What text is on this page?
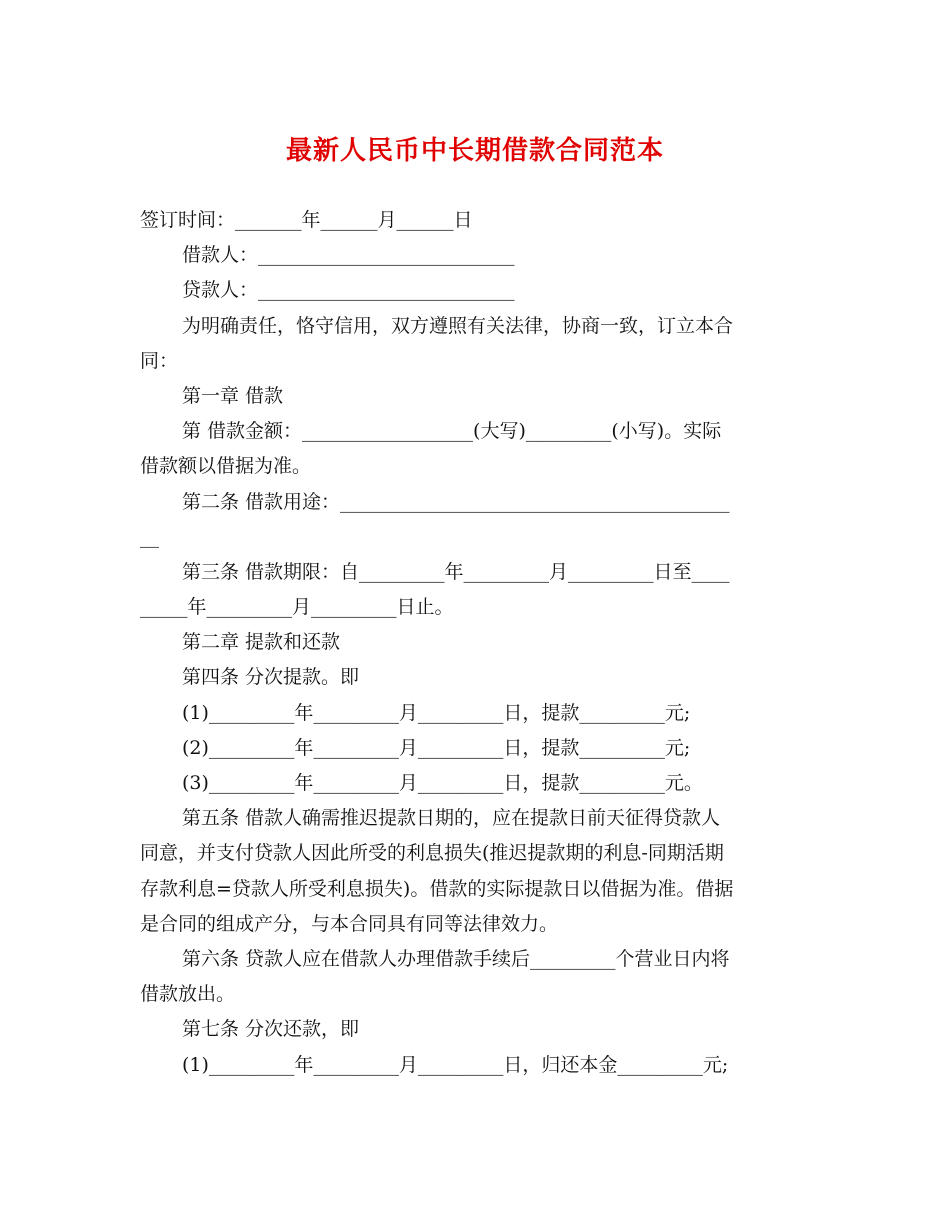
最新人民币中长期借款合同范本
签订时间：_______年______月______日
借款人：___________________________
贷款人：___________________________
为明确责任，恪守信用，双方遵照有关法律，协商一致，订立本合
同：
第一章 借款
第 借款金额：__________________(大写)_________(小写)。实际
借款额以借据为准。
第二条 借款用途：_________________________________________
__
第三条 借款期限：自_________年_________月_________日至____
_____年_________月_________日止。
第二章 提款和还款
第四条 分次提款。即
(1)_________年_________月_________日，提款_________元;
(2)_________年_________月_________日，提款_________元;
(3)_________年_________月_________日，提款_________元。
第五条 借款人确需推迟提款日期的，应在提款日前天征得贷款人
同意，并支付贷款人因此所受的利息损失(推迟提款期的利息-同期活期
存款利息=贷款人所受利息损失)。借款的实际提款日以借据为准。借据
是合同的组成产分，与本合同具有同等法律效力。
第六条 贷款人应在借款人办理借款手续后_________个营业日内将
借款放出。
第七条 分次还款，即
(1)_________年_________月_________日，归还本金_________元;
